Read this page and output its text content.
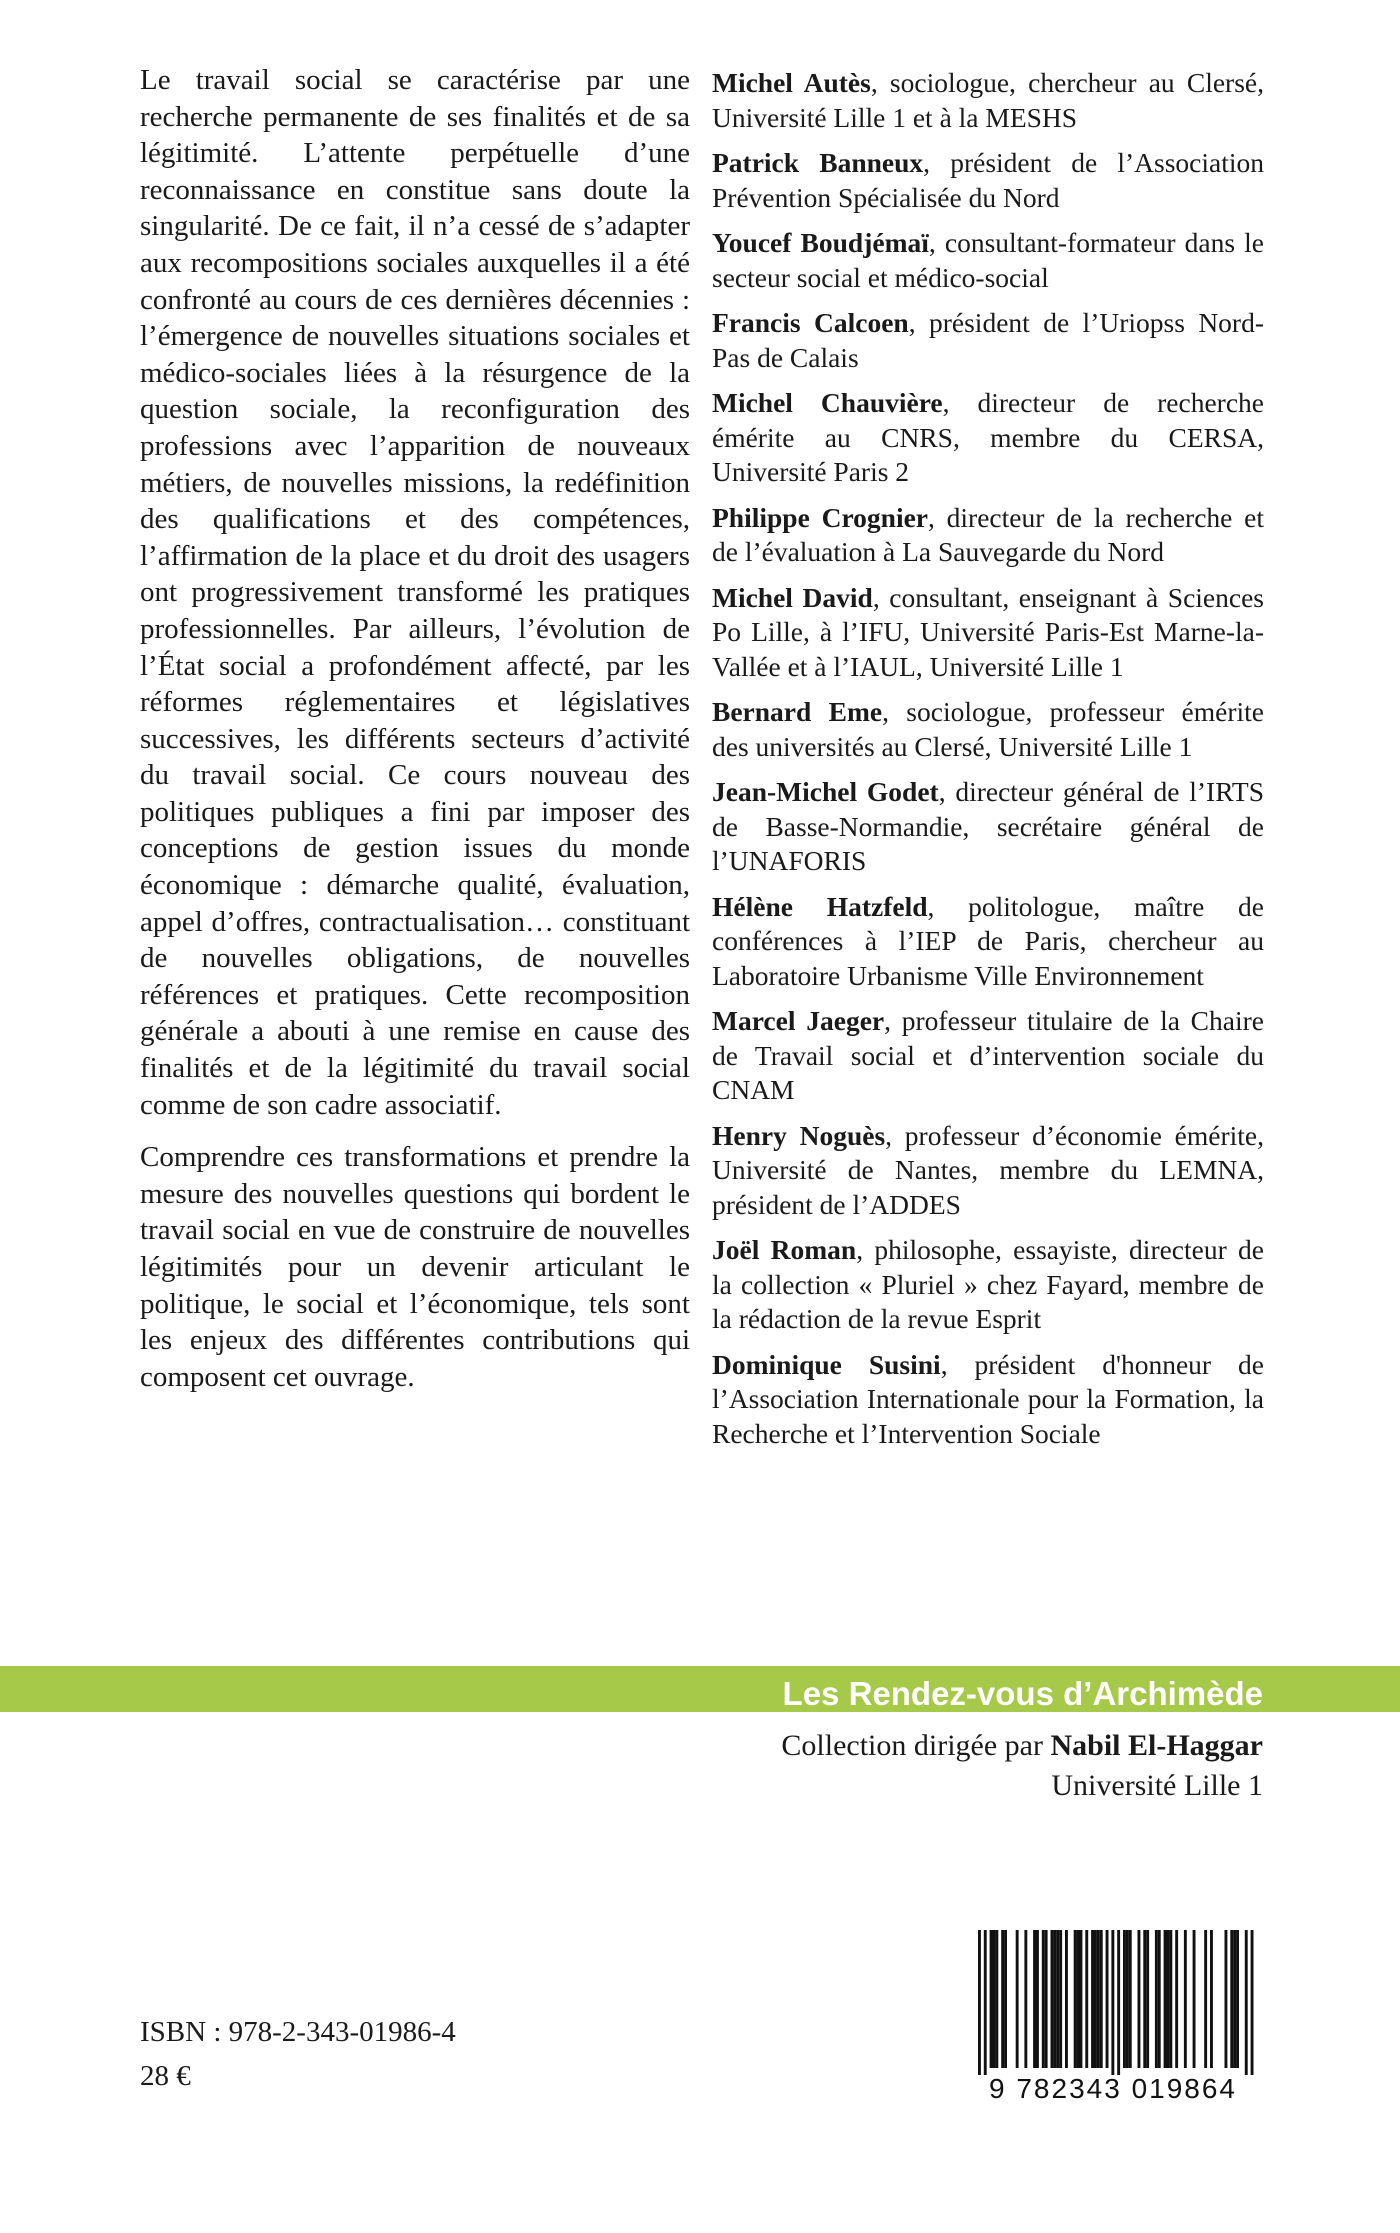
Le travail social se caractérise par une recherche permanente de ses finalités et de sa légitimité. L’attente perpétuelle d’une reconnaissance en constitue sans doute la singularité. De ce fait, il n’a cessé de s’adapter aux recompositions sociales auxquelles il a été confronté au cours de ces dernières décennies : l’émergence de nouvelles situations sociales et médico-sociales liées à la résurgence de la question sociale, la reconfiguration des professions avec l’apparition de nouveaux métiers, de nouvelles missions, la redéfinition des qualifications et des compétences, l’affirmation de la place et du droit des usagers ont progressivement transformé les pratiques professionnelles. Par ailleurs, l’évolution de l’État social a profondément affecté, par les réformes réglementaires et législatives successives, les différents secteurs d’activité du travail social. Ce cours nouveau des politiques publiques a fini par imposer des conceptions de gestion issues du monde économique : démarche qualité, évaluation, appel d’offres, contractualisation… constituant de nouvelles obligations, de nouvelles références et pratiques. Cette recomposition générale a abouti à une remise en cause des finalités et de la légitimité du travail social comme de son cadre associatif.

Comprendre ces transformations et prendre la mesure des nouvelles questions qui bordent le travail social en vue de construire de nouvelles légitimités pour un devenir articulant le politique, le social et l’économique, tels sont les enjeux des différentes contributions qui composent cet ouvrage.

Michel Autès, sociologue, chercheur au Clersé, Université Lille 1 et à la MESHS
Patrick Banneux, président de l’Association Prévention Spécialisée du Nord
Youcef Boudjémaï, consultant-formateur dans le secteur social et médico-social
Francis Calcoen, président de l’Uriopss Nord-Pas de Calais
Michel Chauvière, directeur de recherche émérite au CNRS, membre du CERSA, Université Paris 2
Philippe Crognier, directeur de la recherche et de l’évaluation à La Sauvegarde du Nord
Michel David, consultant, enseignant à Sciences Po Lille, à l’IFU, Université Paris-Est Marne-la-Vallée et à l’IAUL, Université Lille 1
Bernard Eme, sociologue, professeur émérite des universités au Clersé, Université Lille 1
Jean-Michel Godet, directeur général de l’IRTS de Basse-Normandie, secrétaire général de l’UNAFORIS
Hélène Hatzfeld, politologue, maître de conférences à l’IEP de Paris, chercheur au Laboratoire Urbanisme Ville Environnement
Marcel Jaeger, professeur titulaire de la Chaire de Travail social et d’intervention sociale du CNAM
Henry Noguès, professeur d’économie émérite, Université de Nantes, membre du LEMNA, président de l’ADDES
Joël Roman, philosophe, essayiste, directeur de la collection « Pluriel » chez Fayard, membre de la rédaction de la revue Esprit
Dominique Susini, président d'honneur de l’Association Internationale pour la Formation, la Recherche et l’Intervention Sociale
Les Rendez-vous d’Archimède
Collection dirigée par Nabil El-Haggar
Université Lille 1
ISBN : 978-2-343-01986-4
28 €	9 782343 019864
